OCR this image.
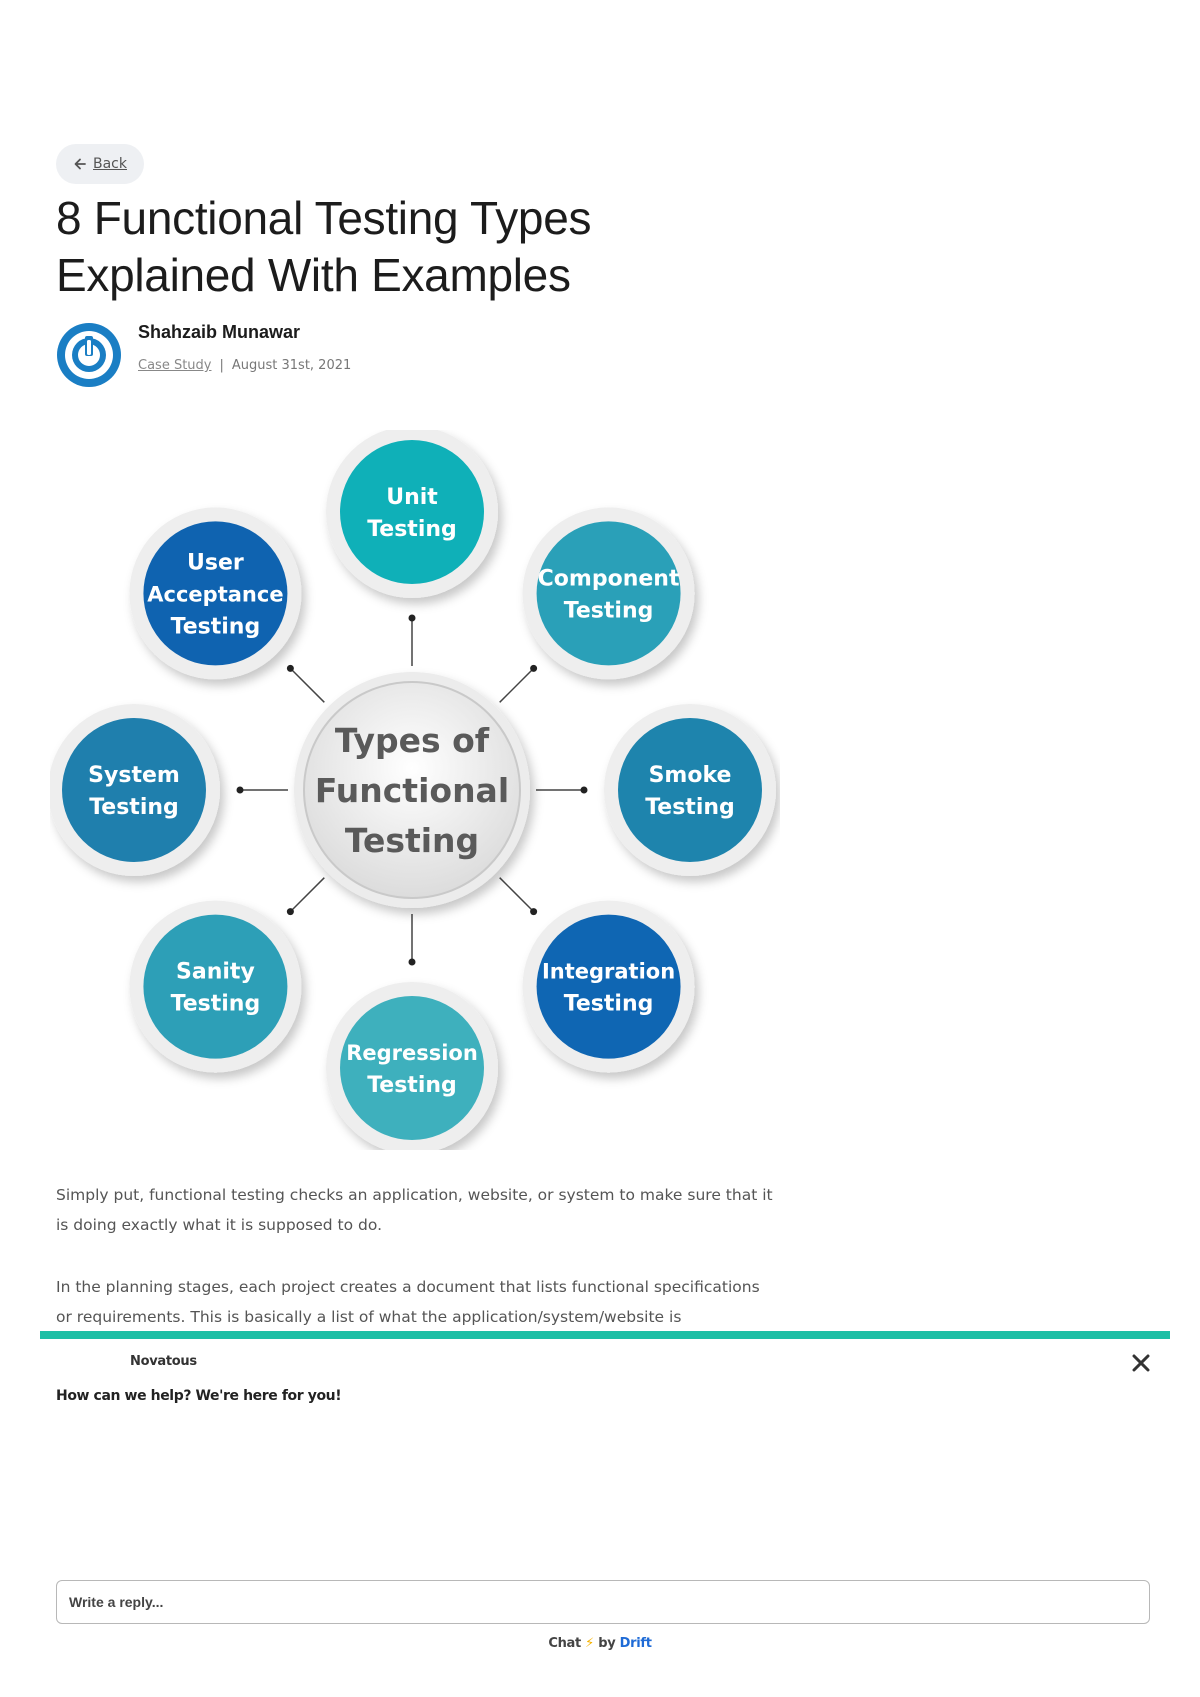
Back
8 Functional Testing Types Explained With Examples
Shahzaib Munawar
Case Study | August 31st, 2021
Unit
Testing
Component
Testing
Smoke
Testing
Integration
Testing
Regression
Testing
Sanity
Testing
System
Testing
User
Acceptance
Testing
Types of
Functional
Testing

Simply put, functional testing checks an application, website, or system to make sure that it is doing exactly what it is supposed to do.

In the planning stages, each project creates a document that lists functional specifications or requirements. This is basically a list of what the application/system/website is

Novatous
How can we help? We're here for you!
Write a reply...
Chat ⚡ by Drift
